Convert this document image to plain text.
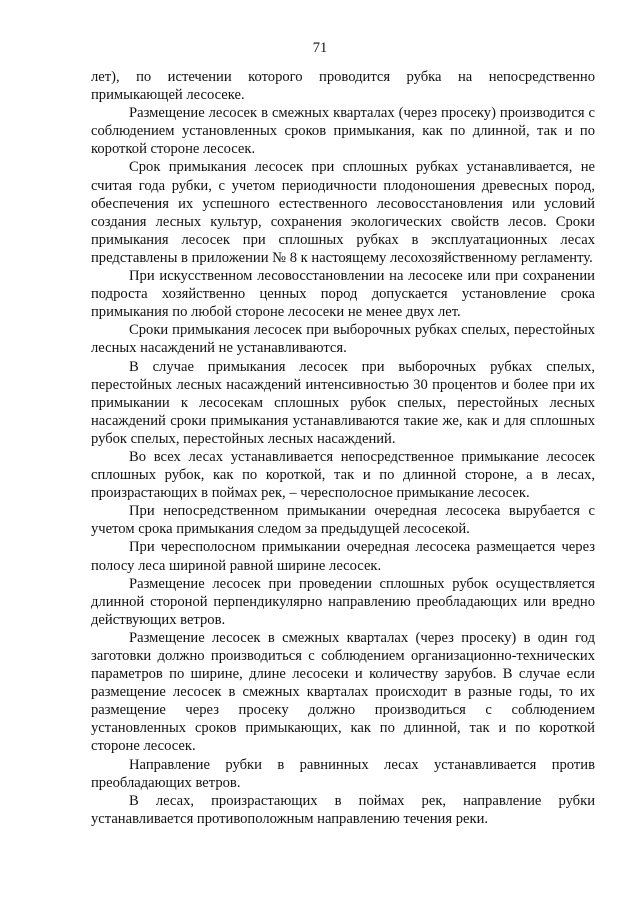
71

лет), по истечении которого проводится рубка на непосредственно примыкающей лесосеке.

Размещение лесосек в смежных кварталах (через просеку) производится с соблюдением установленных сроков примыкания, как по длинной, так и по короткой стороне лесосек.

Срок примыкания лесосек при сплошных рубках устанавливается, не считая года рубки, с учетом периодичности плодоношения древесных пород, обеспечения их успешного естественного лесовосстановления или условий создания лесных культур, сохранения экологических свойств лесов. Сроки примыкания лесосек при сплошных рубках в эксплуатационных лесах представлены в приложении № 8 к настоящему лесохозяйственному регламенту.

При искусственном лесовосстановлении на лесосеке или при сохранении подроста хозяйственно ценных пород допускается установление срока примыкания по любой стороне лесосеки не менее двух лет.

Сроки примыкания лесосек при выборочных рубках спелых, перестойных лесных насаждений не устанавливаются.

В случае примыкания лесосек при выборочных рубках спелых, перестойных лесных насаждений интенсивностью 30 процентов и более при их примыкании к лесосекам сплошных рубок спелых, перестойных лесных насаждений сроки примыкания устанавливаются такие же, как и для сплошных рубок спелых, перестойных лесных насаждений.

Во всех лесах устанавливается непосредственное примыкание лесосек сплошных рубок, как по короткой, так и по длинной стороне, а в лесах, произрастающих в поймах рек, – чересполосное примыкание лесосек.

При непосредственном примыкании очередная лесосека вырубается с учетом срока примыкания следом за предыдущей лесосекой.

При чересполосном примыкании очередная лесосека размещается через полосу леса шириной равной ширине лесосек.

Размещение лесосек при проведении сплошных рубок осуществляется длинной стороной перпендикулярно направлению преобладающих или вредно действующих ветров.

Размещение лесосек в смежных кварталах (через просеку) в один год заготовки должно производиться с соблюдением организационно-технических параметров по ширине, длине лесосеки и количеству зарубов. В случае если размещение лесосек в смежных кварталах происходит в разные годы, то их размещение через просеку должно производиться с соблюдением установленных сроков примыкающих, как по длинной, так и по короткой стороне лесосек.

Направление рубки в равнинных лесах устанавливается против преобладающих ветров.

В лесах, произрастающих в поймах рек, направление рубки устанавливается противоположным направлению течения реки.
